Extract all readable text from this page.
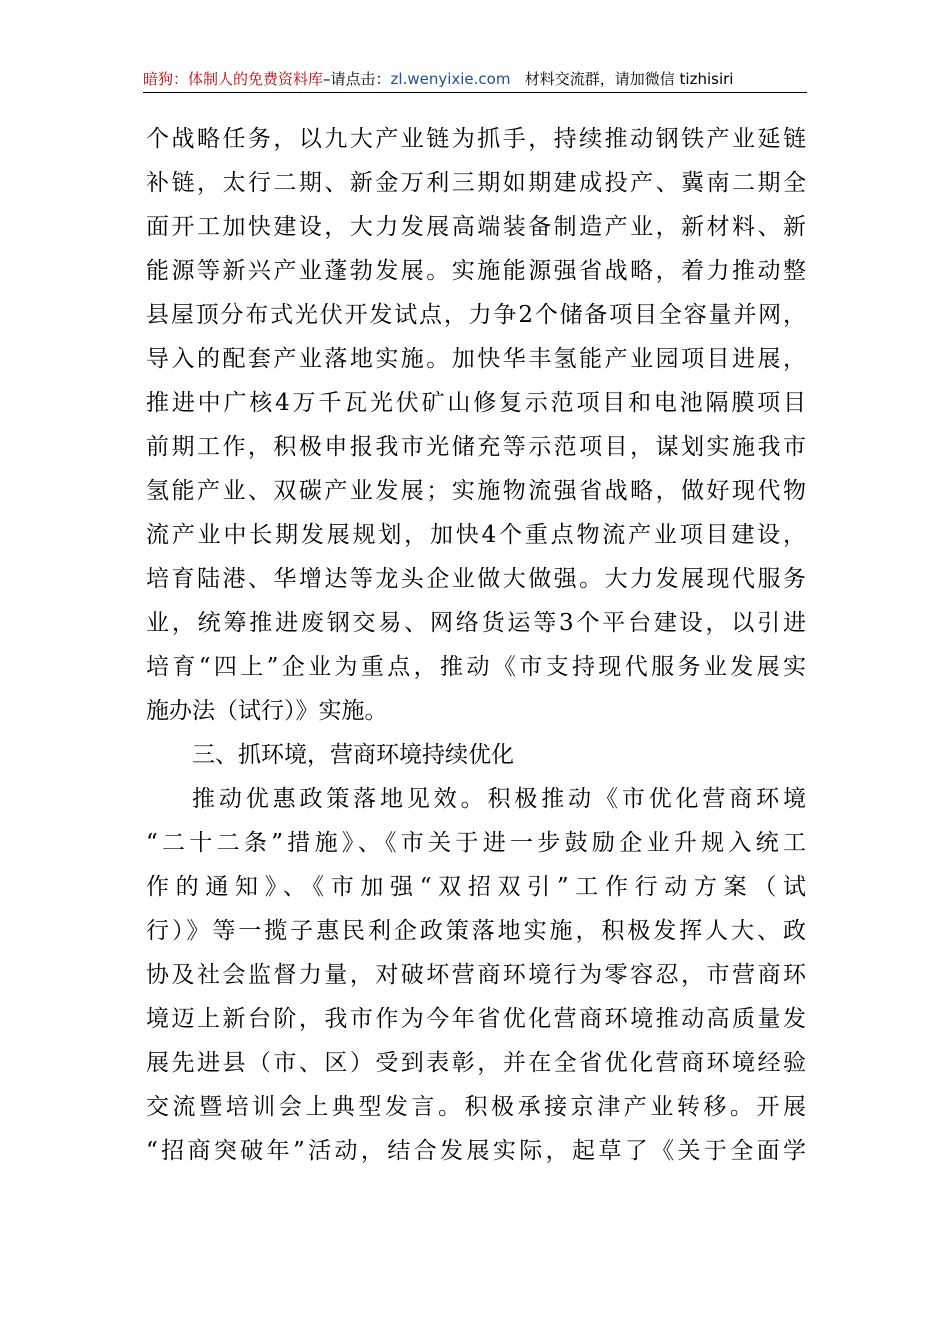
暗狗：体制人的免费资料库–请点击：zl.wenyixie.com 材料交流群，请加微信 tizhisiri
个战略任务，以九大产业链为抓手，持续推动钢铁产业延链
补链，太行二期、新金万利三期如期建成投产、冀南二期全
面开工加快建设，大力发展高端装备制造产业，新材料、新
能源等新兴产业蓬勃发展。实施能源强省战略，着力推动整
县屋顶分布式光伏开发试点，力争2个储备项目全容量并网，
导入的配套产业落地实施。加快华丰氢能产业园项目进展，
推进中广核4万千瓦光伏矿山修复示范项目和电池隔膜项目
前期工作，积极申报我市光储充等示范项目，谋划实施我市
氢能产业、双碳产业发展；实施物流强省战略，做好现代物
流产业中长期发展规划，加快4个重点物流产业项目建设，
培育陆港、华增达等龙头企业做大做强。大力发展现代服务
业，统筹推进废钢交易、网络货运等3个平台建设，以引进
培育“四上”企业为重点，推动《市支持现代服务业发展实
施办法（试行）》实施。
三、抓环境，营商环境持续优化
推动优惠政策落地见效。积极推动《市优化营商环境
“二十二条”措施》、《市关于进一步鼓励企业升规入统工
作的通知》、《市加强“双招双引”工作行动方案（试
行）》等一揽子惠民利企政策落地实施，积极发挥人大、政
协及社会监督力量，对破坏营商环境行为零容忍，市营商环
境迈上新台阶，我市作为今年省优化营商环境推动高质量发
展先进县（市、区）受到表彰，并在全省优化营商环境经验
交流暨培训会上典型发言。积极承接京津产业转移。开展
“招商突破年”活动，结合发展实际，起草了《关于全面学
